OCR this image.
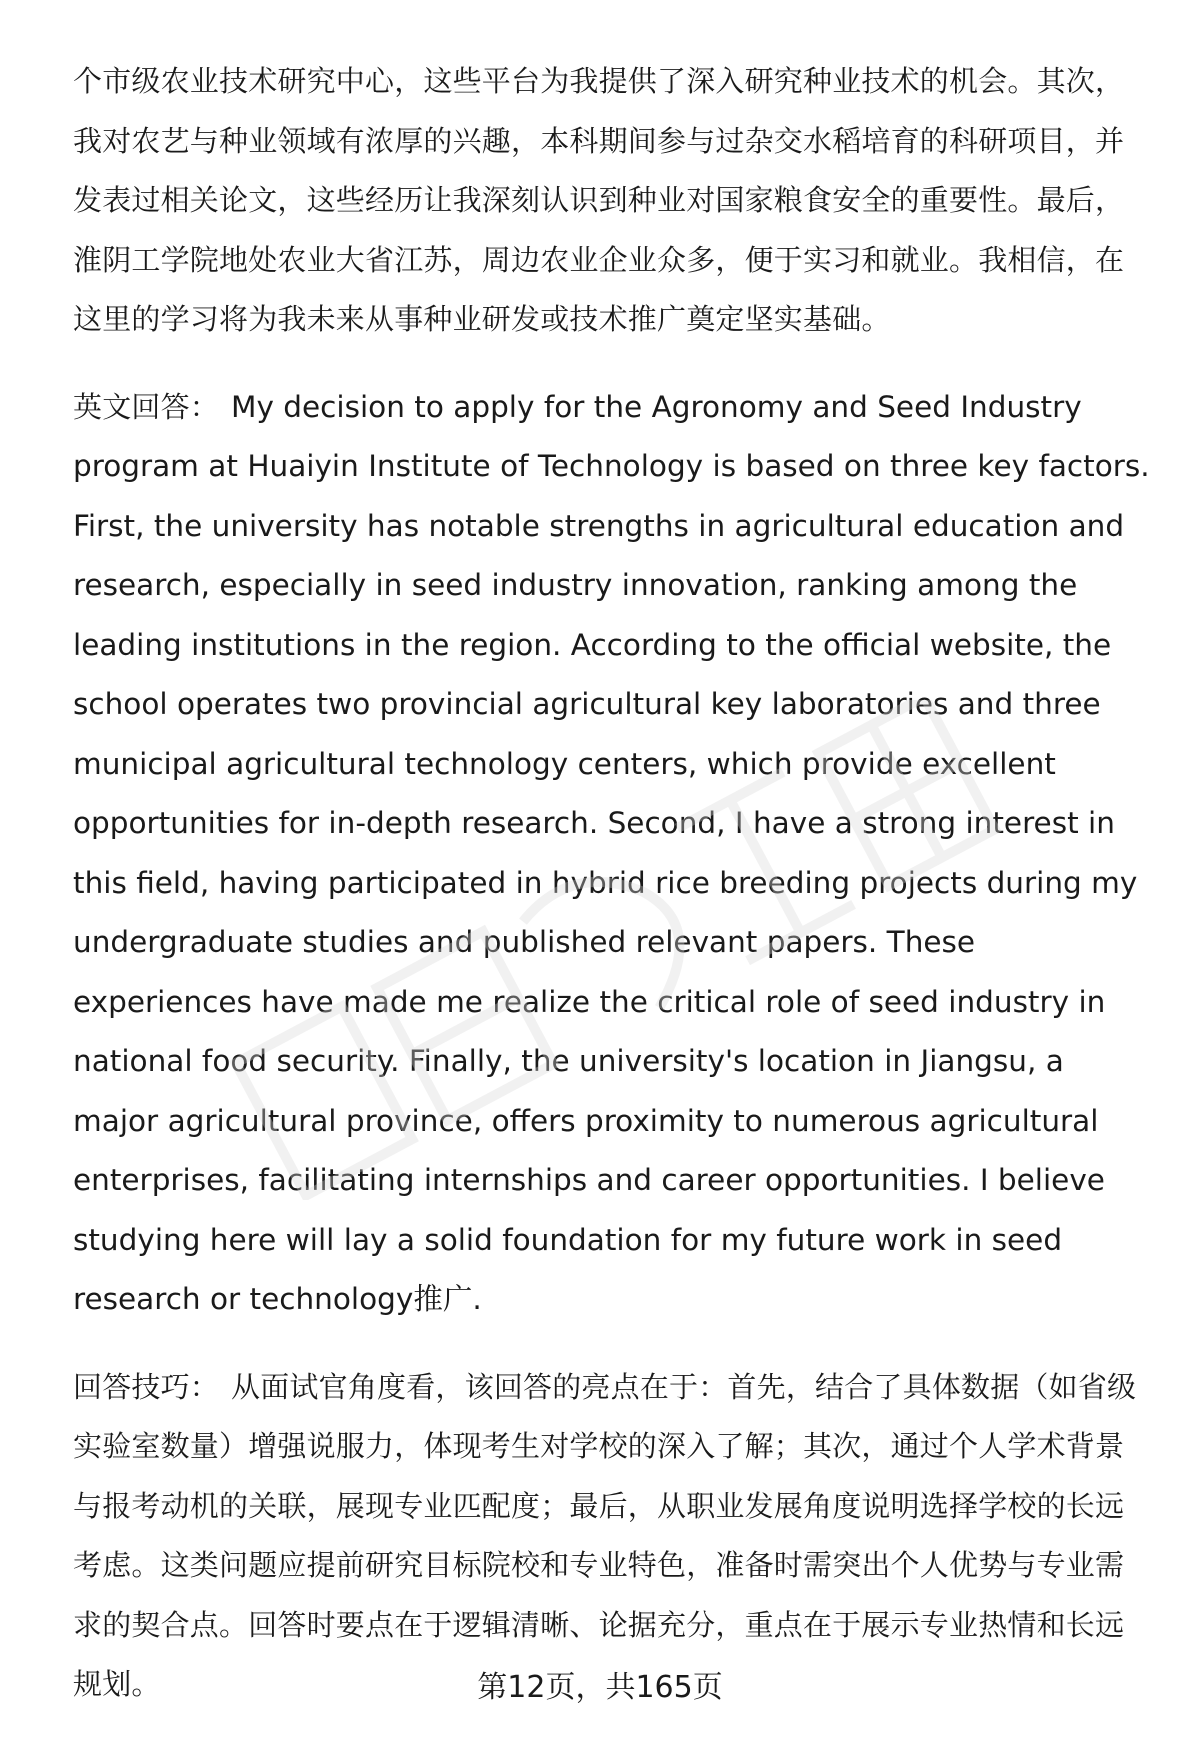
个市级农业技术研究中心，这些平台为我提供了深入研究种业技术的机会。其次，我对农艺与种业领域有浓厚的兴趣，本科期间参与过杂交水稻培育的科研项目，并发表过相关论文，这些经历让我深刻认识到种业对国家粮食安全的重要性。最后，淮阴工学院地处农业大省江苏，周边农业企业众多，便于实习和就业。我相信，在这里的学习将为我未来从事种业研发或技术推广奠定坚实基础。

英文回答： My decision to apply for the Agronomy and Seed Industry program at Huaiyin Institute of Technology is based on three key factors. First, the university has notable strengths in agricultural education and research, especially in seed industry innovation, ranking among the leading institutions in the region. According to the official website, the school operates two provincial agricultural key laboratories and three municipal agricultural technology centers, which provide excellent opportunities for in-depth research. Second, I have a strong interest in this field, having participated in hybrid rice breeding projects during my undergraduate studies and published relevant papers. These experiences have made me realize the critical role of seed industry in national food security. Finally, the university's location in Jiangsu, a major agricultural province, offers proximity to numerous agricultural enterprises, facilitating internships and career opportunities. I believe studying here will lay a solid foundation for my future work in seed research or technology推广.

回答技巧： 从面试官角度看，该回答的亮点在于：首先，结合了具体数据（如省级实验室数量）增强说服力，体现考生对学校的深入了解；其次，通过个人学术背景与报考动机的关联，展现专业匹配度；最后，从职业发展角度说明选择学校的长远考虑。这类问题应提前研究目标院校和专业特色，准备时需突出个人优势与专业需求的契合点。回答时要点在于逻辑清晰、论据充分，重点在于展示专业热情和长远规划。	第12页，共165页
